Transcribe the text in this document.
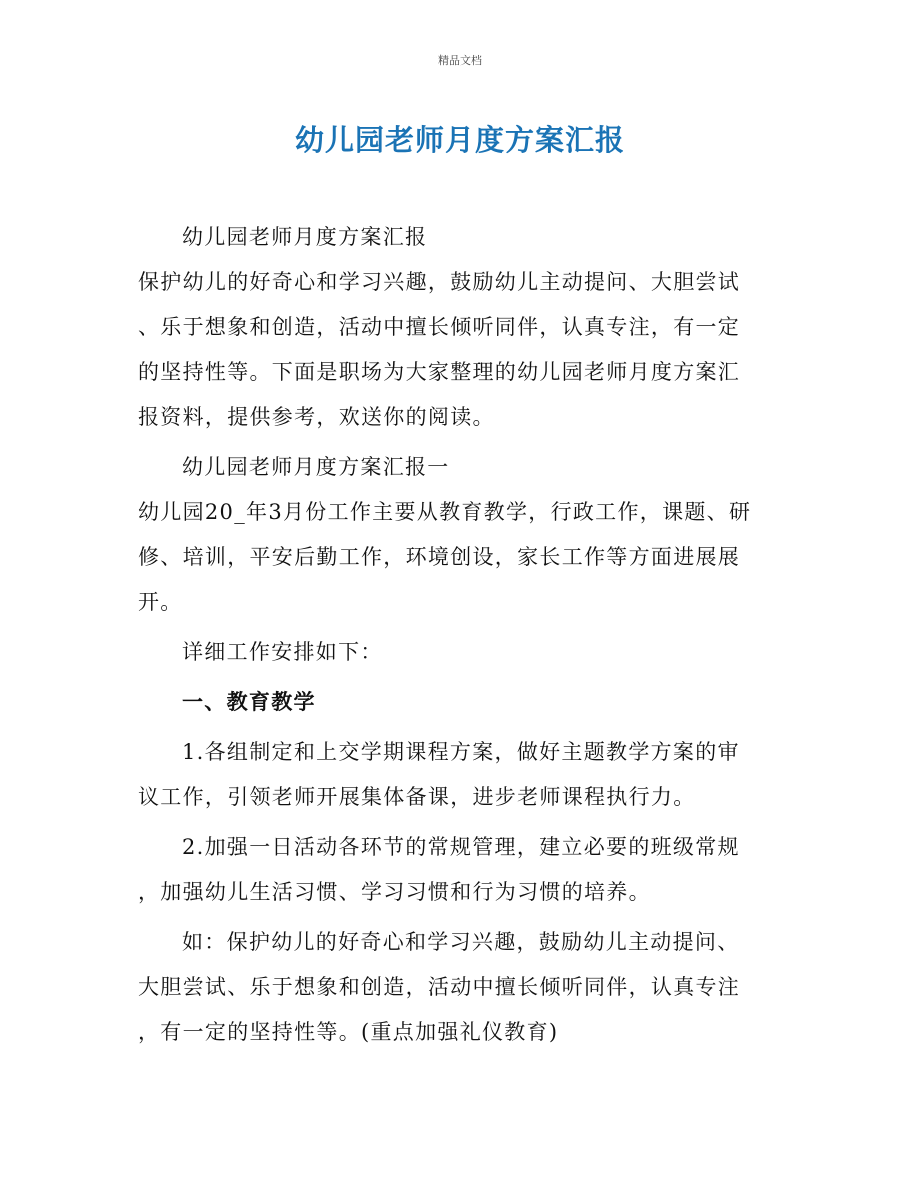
精品文档
幼儿园老师月度方案汇报
幼儿园老师月度方案汇报
保护幼儿的好奇心和学习兴趣，鼓励幼儿主动提问、大胆尝试
、乐于想象和创造，活动中擅长倾听同伴，认真专注，有一定
的坚持性等。下面是职场为大家整理的幼儿园老师月度方案汇
报资料，提供参考，欢送你的阅读。
幼儿园老师月度方案汇报一
幼儿园20_年3月份工作主要从教育教学，行政工作，课题、研
修、培训，平安后勤工作，环境创设，家长工作等方面进展展
开。
详细工作安排如下：
一、教育教学
1.各组制定和上交学期课程方案，做好主题教学方案的审
议工作，引领老师开展集体备课，进步老师课程执行力。
2.加强一日活动各环节的常规管理，建立必要的班级常规
，加强幼儿生活习惯、学习习惯和行为习惯的培养。
如：保护幼儿的好奇心和学习兴趣，鼓励幼儿主动提问、
大胆尝试、乐于想象和创造，活动中擅长倾听同伴，认真专注
，有一定的坚持性等。(重点加强礼仪教育)
